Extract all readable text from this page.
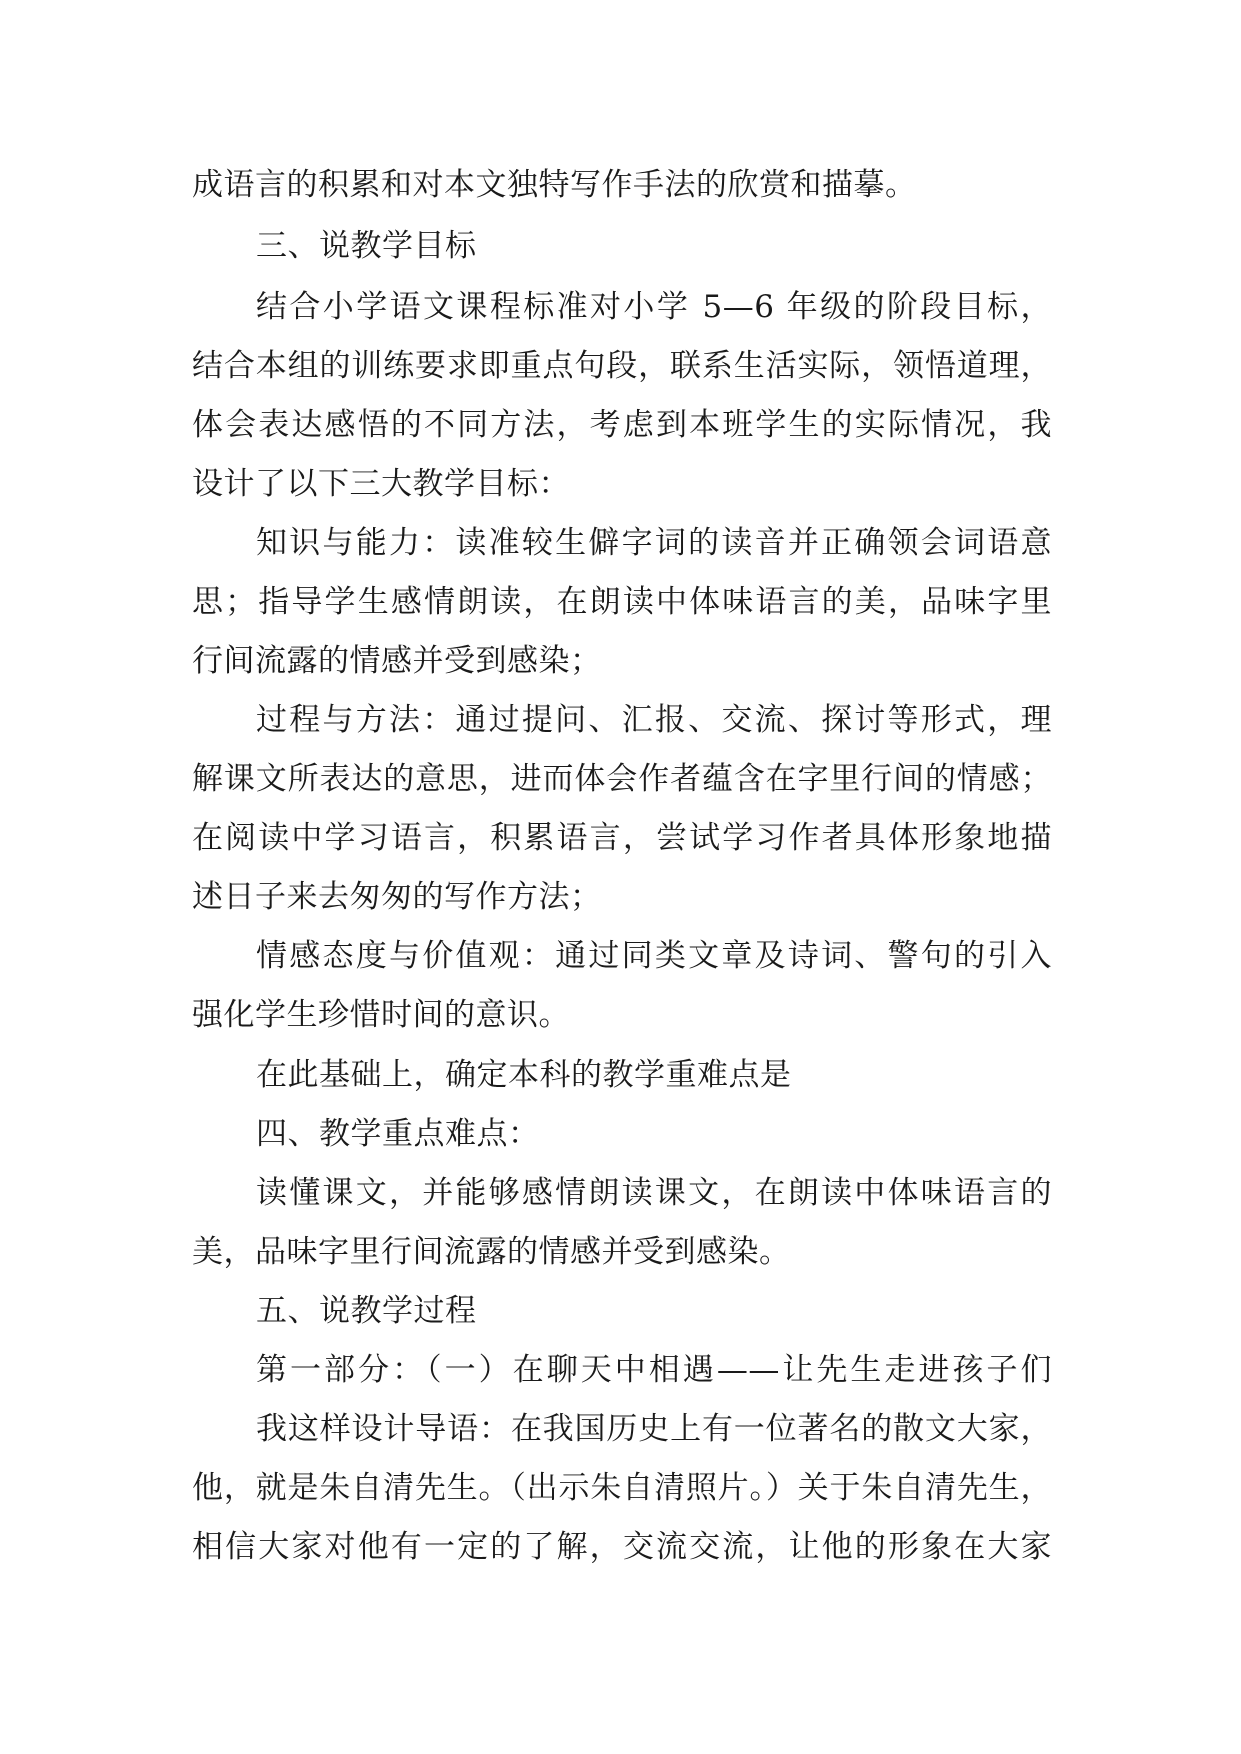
成语言的积累和对本文独特写作手法的欣赏和描摹。
三、说教学目标
结合小学语文课程标准对小学 5—6 年级的阶段目标，
结合本组的训练要求即重点句段，联系生活实际，领悟道理，
体会表达感悟的不同方法，考虑到本班学生的实际情况，我
设计了以下三大教学目标：
知识与能力：读准较生僻字词的读音并正确领会词语意
思；指导学生感情朗读，在朗读中体味语言的美，品味字里
行间流露的情感并受到感染；
过程与方法：通过提问、汇报、交流、探讨等形式，理
解课文所表达的意思，进而体会作者蕴含在字里行间的情感；
在阅读中学习语言，积累语言，尝试学习作者具体形象地描
述日子来去匆匆的写作方法；
情感态度与价值观：通过同类文章及诗词、警句的引入
强化学生珍惜时间的意识。
在此基础上，确定本科的教学重难点是
四、教学重点难点：
读懂课文，并能够感情朗读课文，在朗读中体味语言的
美，品味字里行间流露的情感并受到感染。
五、说教学过程
第一部分：（一）在聊天中相遇——让先生走进孩子们
我这样设计导语：在我国历史上有一位著名的散文大家，
他，就是朱自清先生。（出示朱自清照片。）关于朱自清先生，
相信大家对他有一定的了解，交流交流，让他的形象在大家
